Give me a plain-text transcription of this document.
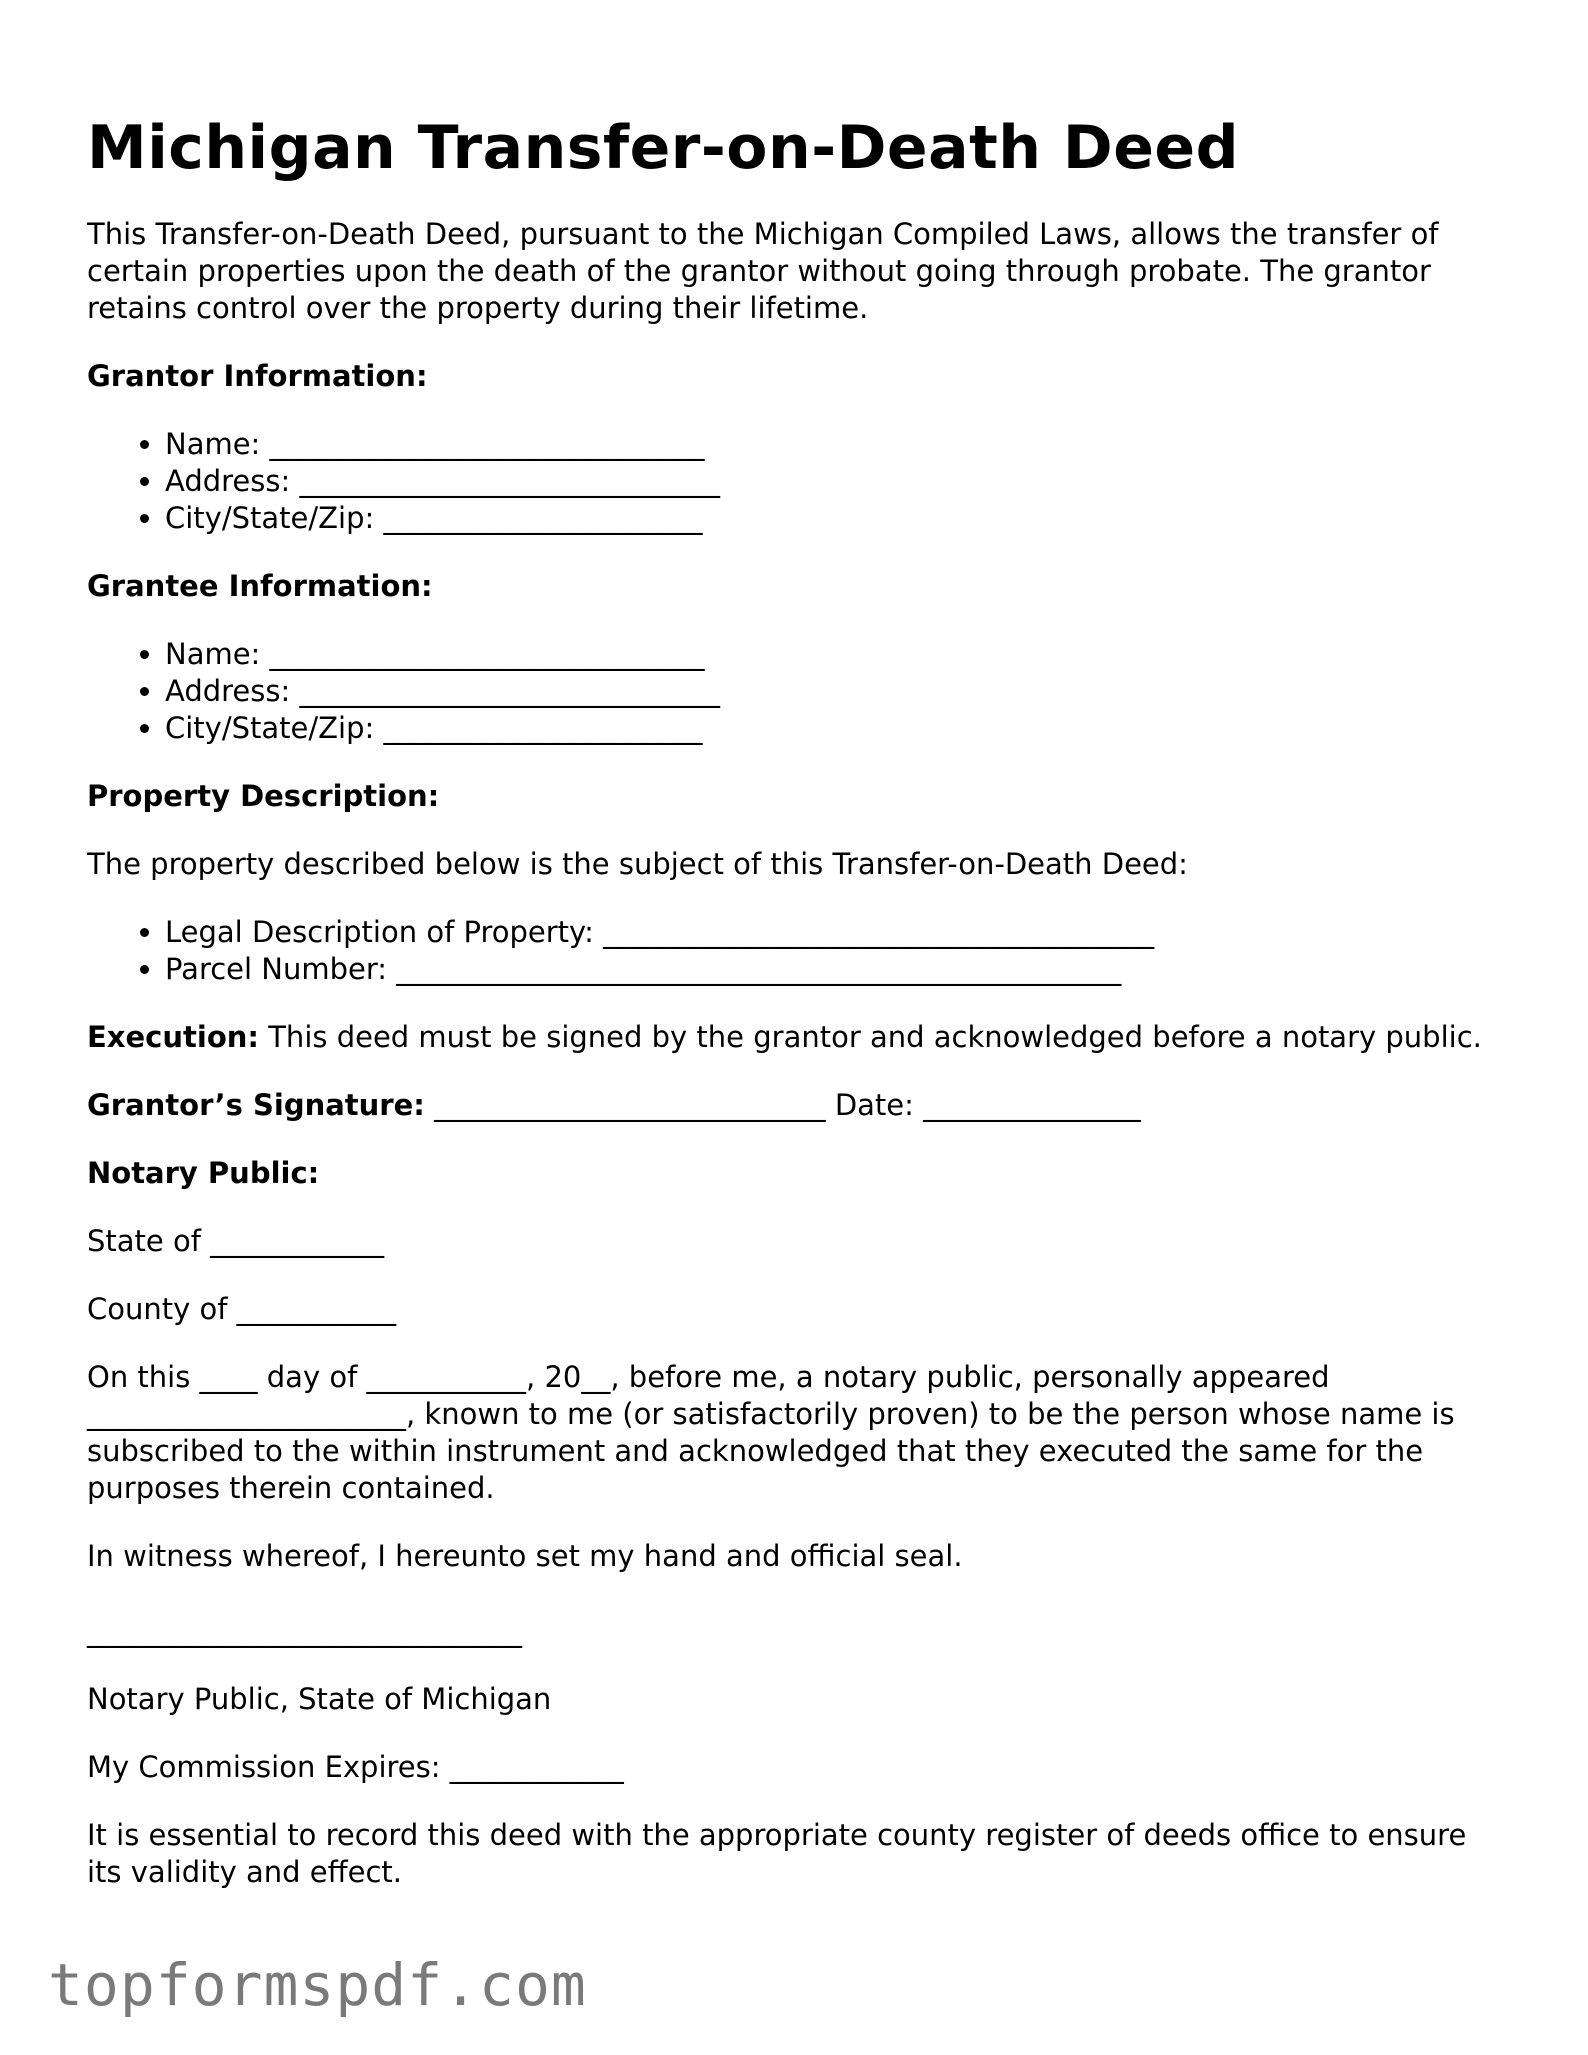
Michigan Transfer-on-Death Deed

This Transfer-on-Death Deed, pursuant to the Michigan Compiled Laws, allows the transfer of certain properties upon the death of the grantor without going through probate. The grantor retains control over the property during their lifetime.

Grantor Information:

• Name: ______________________________
• Address: _____________________________
• City/State/Zip: ______________________

Grantee Information:

• Name: ______________________________
• Address: _____________________________
• City/State/Zip: ______________________

Property Description:

The property described below is the subject of this Transfer-on-Death Deed:

• Legal Description of Property: ______________________________________
• Parcel Number: __________________________________________________

Execution: This deed must be signed by the grantor and acknowledged before a notary public.

Grantor’s Signature: ___________________________ Date: _______________

Notary Public:

State of ____________

County of ___________

On this ____ day of ___________, 20__, before me, a notary public, personally appeared ______________________, known to me (or satisfactorily proven) to be the person whose name is subscribed to the within instrument and acknowledged that they executed the same for the purposes therein contained.

In witness whereof, I hereunto set my hand and official seal.

______________________________

Notary Public, State of Michigan

My Commission Expires: ____________

It is essential to record this deed with the appropriate county register of deeds office to ensure its validity and effect.

topformspdf.com
